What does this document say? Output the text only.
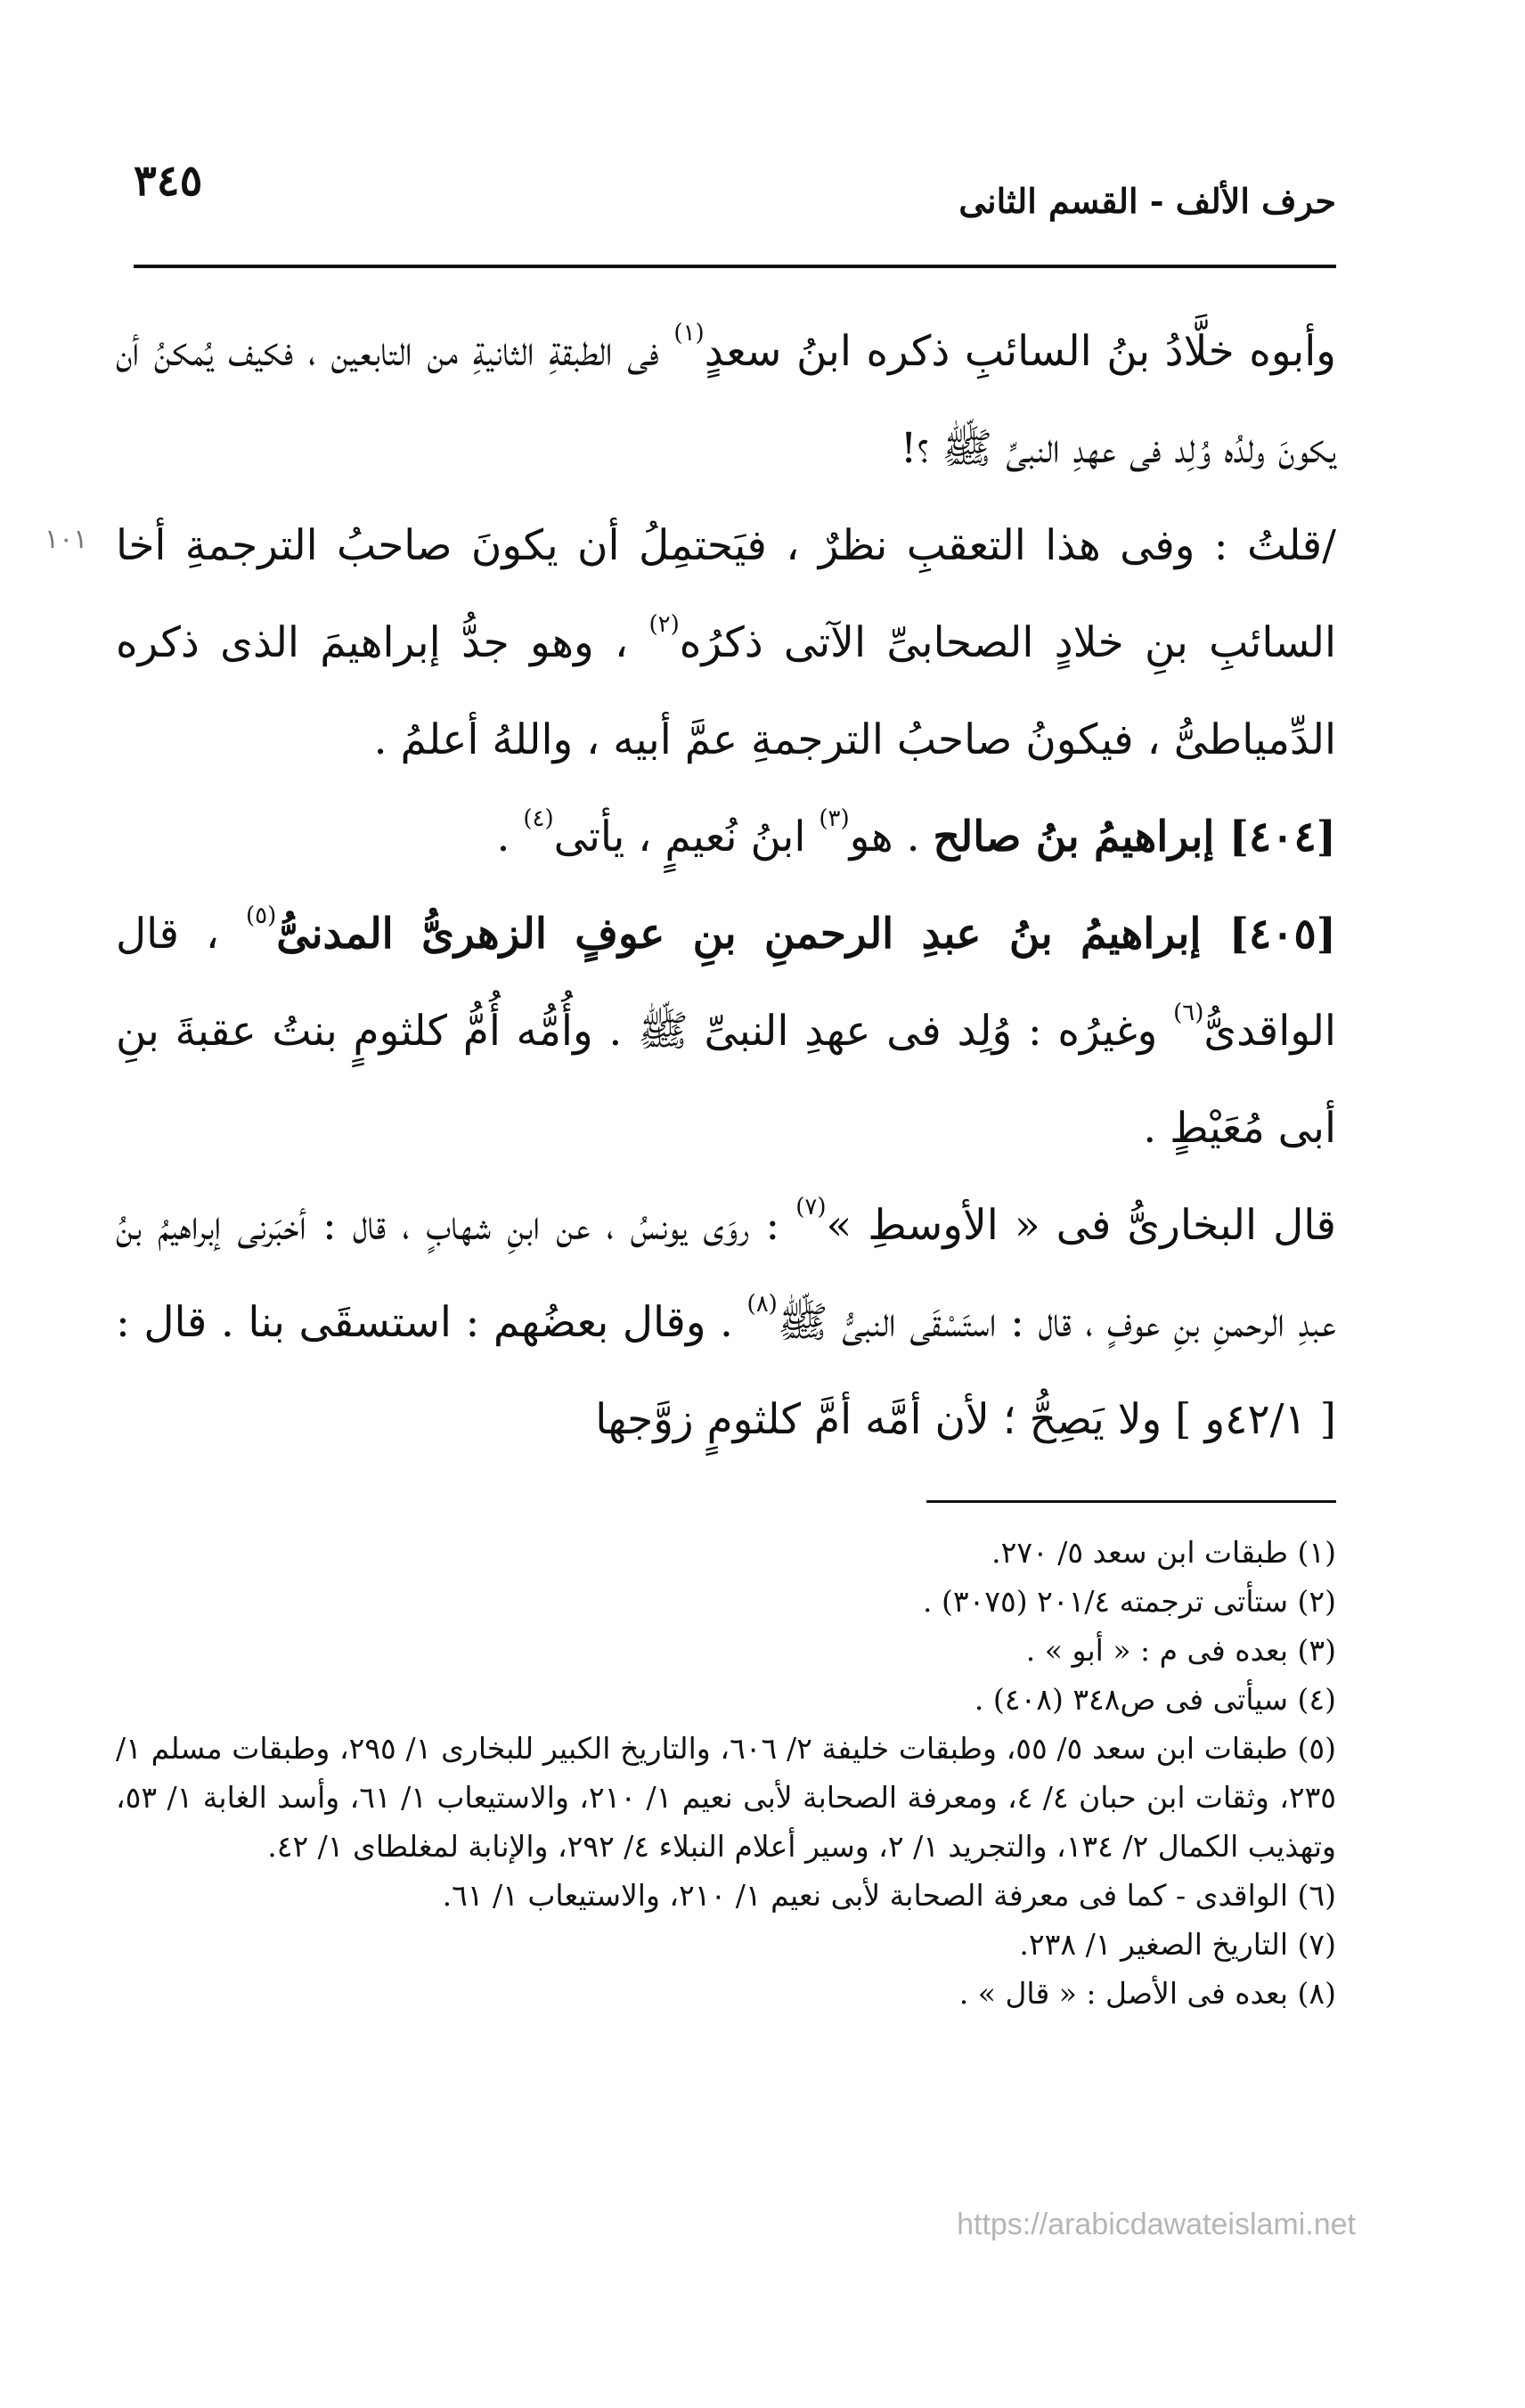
٣٤٥	حرف الألف - القسم الثانى
١٠١

وأبوه خلَّادُ بنُ السائبِ ذكره ابنُ سعدٍ$^{(١)}$ فى الطبقةِ الثانيةِ من التابعين ، فكيف يُمكنُ أن يكونَ ولدُه وُلِد فى عهدِ النبىِّ ﷺ ؟!

/قلتُ : وفى هذا التعقبِ نظرٌ ، فيَحتمِلُ أن يكونَ صاحبُ الترجمةِ أخا السائبِ بنِ خلادٍ الصحابىِّ الآتى ذكرُه$^{(٢)}$ ، وهو جدُّ إبراهيمَ الذى ذكره الدِّمياطىُّ ، فيكونُ صاحبُ الترجمةِ عمَّ أبيه ، واللهُ أعلمُ .

[٤٠٤] إبراهيمُ بنُ صالح . هو$^{(٣)}$ ابنُ نُعيمٍ ، يأتى$^{(٤)}$ .

[٤٠٥] إبراهيمُ بنُ عبدِ الرحمنِ بنِ عوفٍ الزهرىُّ المدنىُّ$^{(٥)}$ ، قال الواقدىُّ$^{(٦)}$ وغيرُه : وُلِد فى عهدِ النبىِّ ﷺ . وأُمُّه أُمُّ كلثومٍ بنتُ عقبةَ بنِ أبى مُعَيْطٍ .

قال البخارىُّ فى « الأوسطِ »$^{(٧)}$ : روَى يونسُ ، عن ابنِ شهابٍ ، قال : أخبَرنى إبراهيمُ بنُ عبدِ الرحمنِ بنِ عوفٍ ، قال : استَسْقَى النبىُّ ﷺ$^{(٨)}$ . وقال بعضُهم : استسقَى بنا . قال : [ ٤٢/١و ] ولا يَصِحُّ ؛ لأن أمَّه أمَّ كلثومٍ زوَّجها

(١) طبقات ابن سعد ٥/ ٢٧٠.
(٢) ستأتى ترجمته ٢٠١/٤ (٣٠٧٥) .
(٣) بعده فى م : « أبو » .
(٤) سيأتى فى ص٣٤٨ (٤٠٨) .
(٥) طبقات ابن سعد ٥/ ٥٥، وطبقات خليفة ٢/ ٦٠٦، والتاريخ الكبير للبخارى ١/ ٢٩٥، وطبقات مسلم ١/ ٢٣٥، وثقات ابن حبان ٤/ ٤، ومعرفة الصحابة لأبى نعيم ١/ ٢١٠، والاستيعاب ١/ ٦١، وأسد الغابة ١/ ٥٣، وتهذيب الكمال ٢/ ١٣٤، والتجريد ١/ ٢، وسير أعلام النبلاء ٤/ ٢٩٢، والإنابة لمغلطاى ١/ ٤٢.
(٦) الواقدى - كما فى معرفة الصحابة لأبى نعيم ١/ ٢١٠، والاستيعاب ١/ ٦١.
(٧) التاريخ الصغير ١/ ٢٣٨.
(٨) بعده فى الأصل : « قال » .
https://arabicdawateislami.net
